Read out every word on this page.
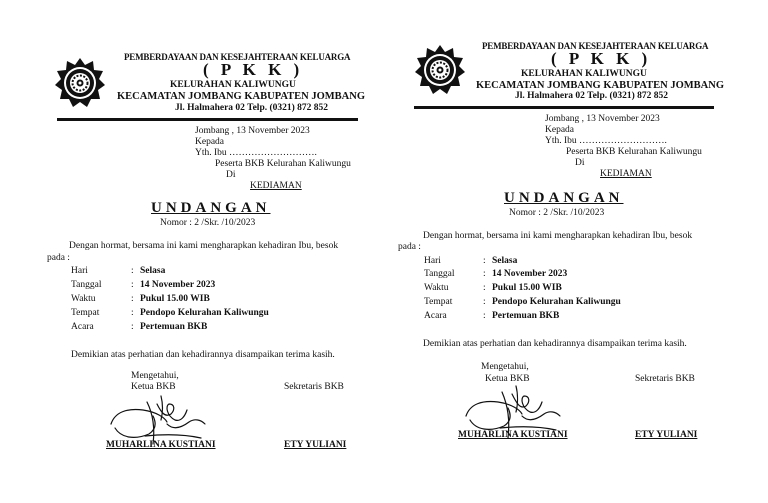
PEMBERDAYAAN DAN KESEJAHTERAAN KELUARGA
( P K K )
KELURAHAN KALIWUNGU
KECAMATAN JOMBANG KABUPATEN JOMBANG
Jl. Halmahera 02 Telp. (0321) 872 852
Jombang , 13 November 2023
Kepada
Yth. Ibu ……………………….
Peserta BKB Kelurahan Kaliwungu
Di
KEDIAMAN
UNDANGAN
Nomor : 2 /Skr. /10/2023
Dengan hormat, bersama ini kami mengharapkan kehadiran Ibu, besok
pada :
Hari	: Selasa
Tanggal	: 14 November 2023
Waktu	: Pukul 15.00 WIB
Tempat	: Pendopo Kelurahan Kaliwungu
Acara	: Pertemuan BKB
Demikian atas perhatian dan kehadirannya disampaikan terima kasih.
Mengetahui,
Ketua BKB	Sekretaris BKB
MUHARLINA KUSTIANI	ETY YULIANI
PEMBERDAYAAN DAN KESEJAHTERAAN KELUARGA
( P K K )
KELURAHAN KALIWUNGU
KECAMATAN JOMBANG KABUPATEN JOMBANG
Jl. Halmahera 02 Telp. (0321) 872 852
Jombang , 13 November 2023
Kepada
Yth. Ibu ……………………….
Peserta BKB Kelurahan Kaliwungu
Di
KEDIAMAN
UNDANGAN
Nomor : 2 /Skr. /10/2023
Dengan hormat, bersama ini kami mengharapkan kehadiran Ibu, besok
pada :
Hari	: Selasa
Tanggal	: 14 November 2023
Waktu	: Pukul 15.00 WIB
Tempat	: Pendopo Kelurahan Kaliwungu
Acara	: Pertemuan BKB
Demikian atas perhatian dan kehadirannya disampaikan terima kasih.
Mengetahui,
Ketua BKB	Sekretaris BKB
MUHARLINA KUSTIANI	ETY YULIANI
